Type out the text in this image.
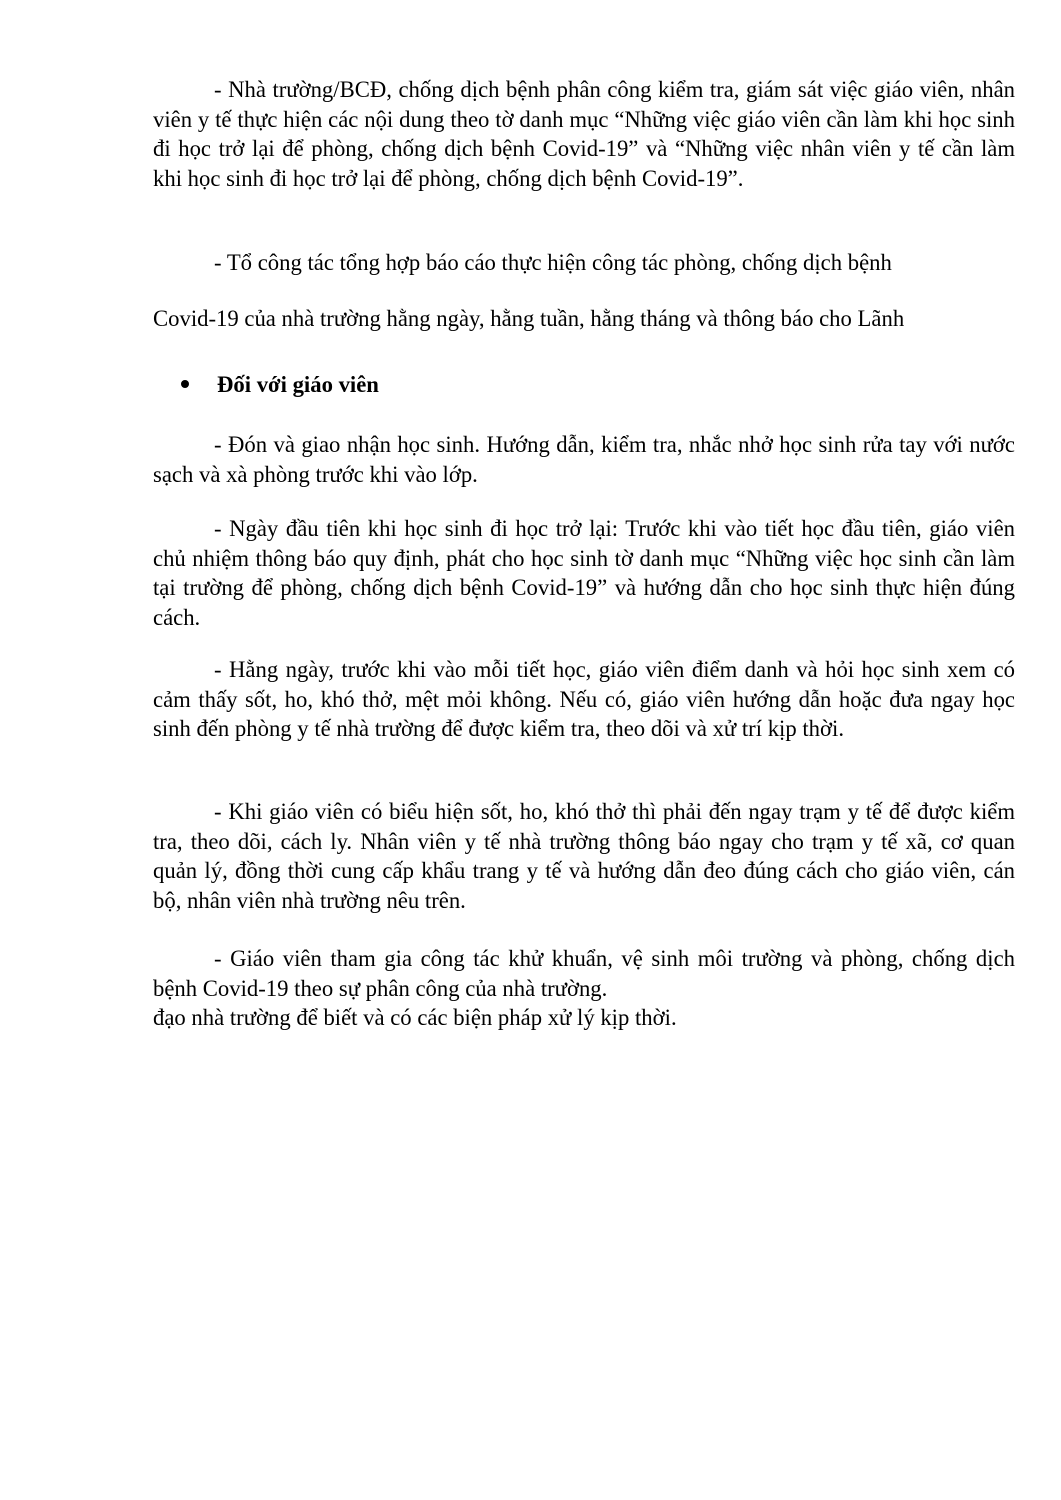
- Nhà trường/BCĐ, chống dịch bệnh phân công kiểm tra, giám sát việc giáo viên, nhân viên y tế thực hiện các nội dung theo tờ danh mục “Những việc giáo viên cần làm khi học sinh đi học trở lại để phòng, chống dịch bệnh Covid-19” và “Những việc nhân viên y tế cần làm khi học sinh đi học trở lại để phòng, chống dịch bệnh Covid-19”.

- Tổ công tác tổng hợp báo cáo thực hiện công tác phòng, chống dịch bệnh

Covid-19 của nhà trường hằng ngày, hằng tuần, hằng tháng và thông báo cho Lãnh

Đối với giáo viên

- Đón và giao nhận học sinh. Hướng dẫn, kiểm tra, nhắc nhở học sinh rửa tay với nước sạch và xà phòng trước khi vào lớp.

- Ngày đầu tiên khi học sinh đi học trở lại: Trước khi vào tiết học đầu tiên, giáo viên chủ nhiệm thông báo quy định, phát cho học sinh tờ danh mục “Những việc học sinh cần làm tại trường để phòng, chống dịch bệnh Covid-19” và hướng dẫn cho học sinh thực hiện đúng cách.

- Hằng ngày, trước khi vào mỗi tiết học, giáo viên điểm danh và hỏi học sinh xem có cảm thấy sốt, ho, khó thở, mệt mỏi không. Nếu có, giáo viên hướng dẫn hoặc đưa ngay học sinh đến phòng y tế nhà trường để được kiểm tra, theo dõi và xử trí kịp thời.

- Khi giáo viên có biểu hiện sốt, ho, khó thở thì phải đến ngay trạm y tế để được kiểm tra, theo dõi, cách ly. Nhân viên y tế nhà trường thông báo ngay cho trạm y tế xã, cơ quan quản lý, đồng thời cung cấp khẩu trang y tế và hướng dẫn đeo đúng cách cho giáo viên, cán bộ, nhân viên nhà trường nêu trên.

- Giáo viên tham gia công tác khử khuẩn, vệ sinh môi trường và phòng, chống dịch bệnh Covid-19 theo sự phân công của nhà trường.

đạo nhà trường để biết và có các biện pháp xử lý kịp thời.
